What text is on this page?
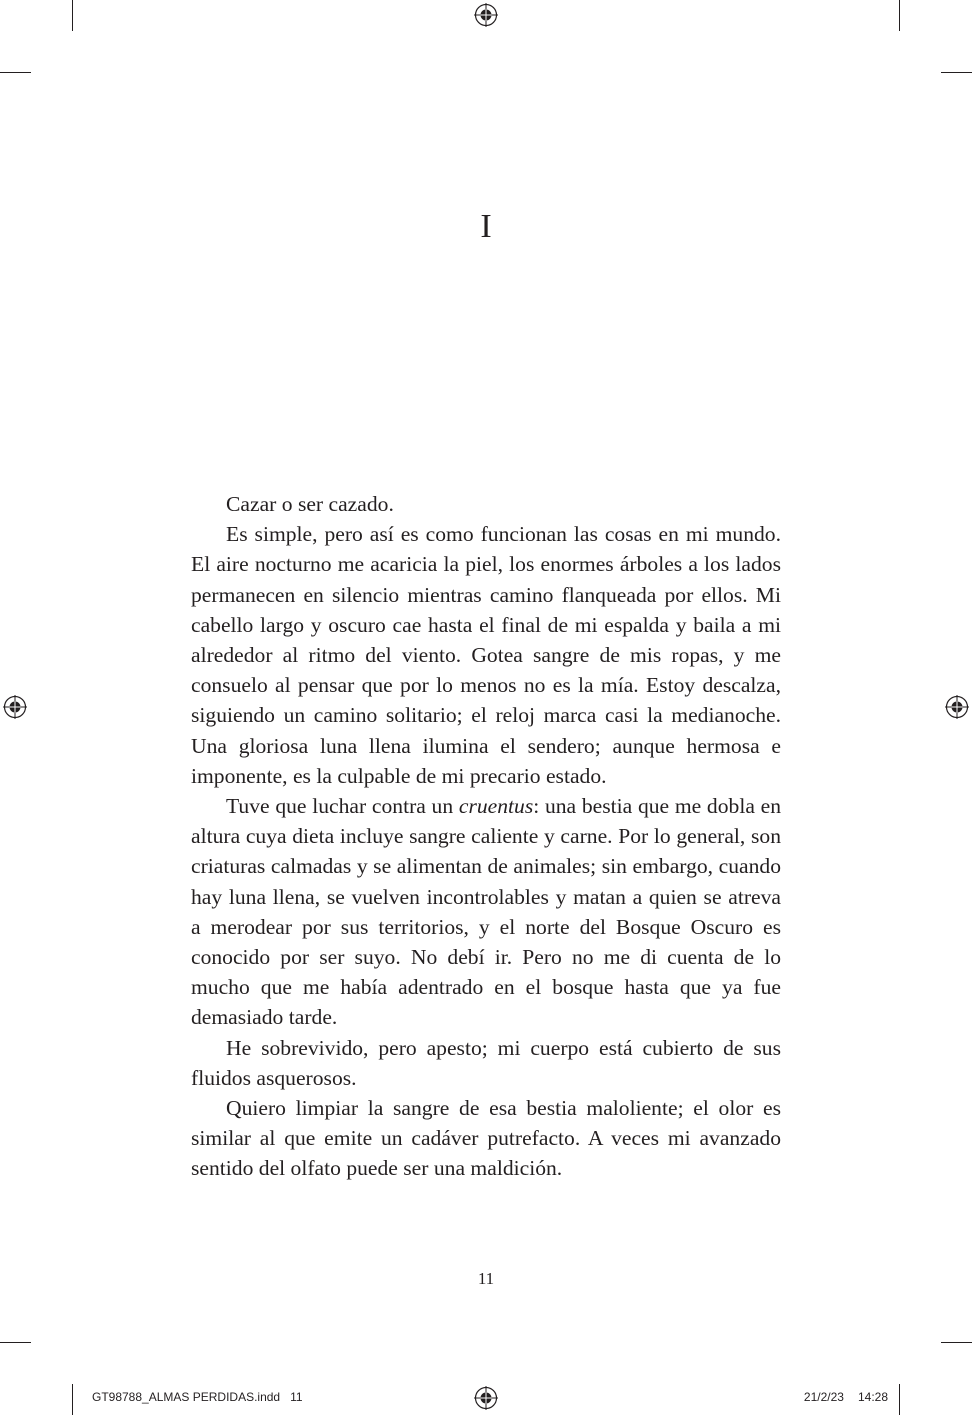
I

Cazar o ser cazado.

Es simple, pero así es como funcionan las cosas en mi mundo. El aire nocturno me acaricia la piel, los enormes árboles a los lados permanecen en silencio mientras camino flanqueada por ellos. Mi cabello largo y oscuro cae hasta el final de mi espalda y baila a mi alrededor al ritmo del viento. Gotea sangre de mis ropas, y me consuelo al pensar que por lo menos no es la mía. Estoy descalza, siguiendo un camino solitario; el reloj marca casi la medianoche. Una gloriosa luna llena ilumina el sendero; aunque hermosa e imponente, es la culpable de mi precario estado.

Tuve que luchar contra un cruentus: una bestia que me dobla en altura cuya dieta incluye sangre caliente y carne. Por lo general, son criaturas calmadas y se alimentan de animales; sin embargo, cuando hay luna llena, se vuelven incontrolables y matan a quien se atreva a merodear por sus territorios, y el norte del Bosque Oscuro es conocido por ser suyo. No debí ir. Pero no me di cuenta de lo mucho que me había adentrado en el bosque hasta que ya fue demasiado tarde.

He sobrevivido, pero apesto; mi cuerpo está cubierto de sus fluidos asquerosos.

Quiero limpiar la sangre de esa bestia maloliente; el olor es similar al que emite un cadáver putrefacto. A veces mi avanzado sentido del olfato puede ser una maldición.

11
GT98788_ALMAS PERDIDAS.indd   11	21/2/23 14:28
